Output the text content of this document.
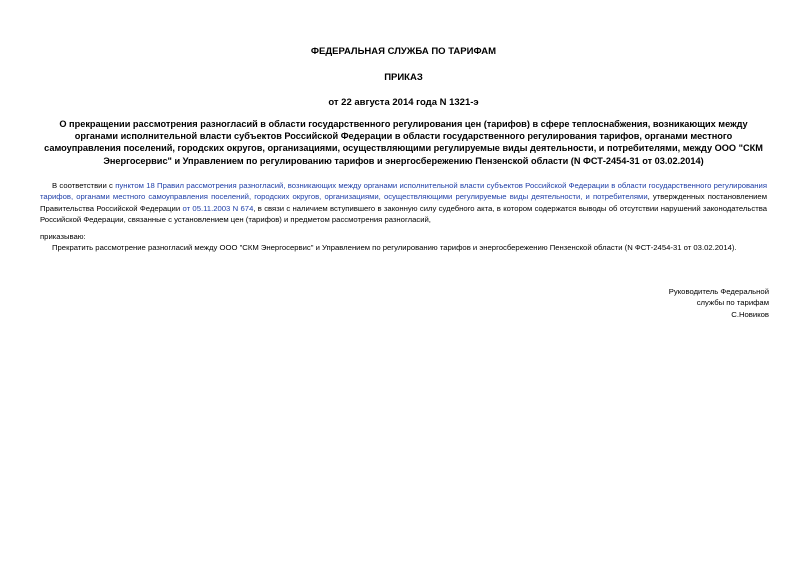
ФЕДЕРАЛЬНАЯ СЛУЖБА ПО ТАРИФАМ
ПРИКАЗ
от 22 августа 2014 года N 1321-э
О прекращении рассмотрения разногласий в области государственного регулирования цен (тарифов) в сфере теплоснабжения, возникающих между органами исполнительной власти субъектов Российской Федерации в области государственного регулирования тарифов, органами местного самоуправления поселений, городских округов, организациями, осуществляющими регулируемые виды деятельности, и потребителями, между ООО "СКМ Энергосервис" и Управлением по регулированию тарифов и энергосбережению Пензенской области (N ФСТ-2454-31 от 03.02.2014)
В соответствии с пунктом 18 Правил рассмотрения разногласий, возникающих между органами исполнительной власти субъектов Российской Федерации в области государственного регулирования тарифов, органами местного самоуправления поселений, городских округов, организациями, осуществляющими регулируемые виды деятельности, и потребителями, утвержденных постановлением Правительства Российской Федерации от 05.11.2003 N 674, в связи с наличием вступившего в законную силу судебного акта, в котором содержатся выводы об отсутствии нарушений законодательства Российской Федерации, связанные с установлением цен (тарифов) и предметом рассмотрения разногласий,
приказываю:
Прекратить рассмотрение разногласий между ООО "СКМ Энергосервис" и Управлением по регулированию тарифов и энергосбережению Пензенской области (N ФСТ-2454-31 от 03.02.2014).
Руководитель Федеральной
службы по тарифам
С.Новиков
